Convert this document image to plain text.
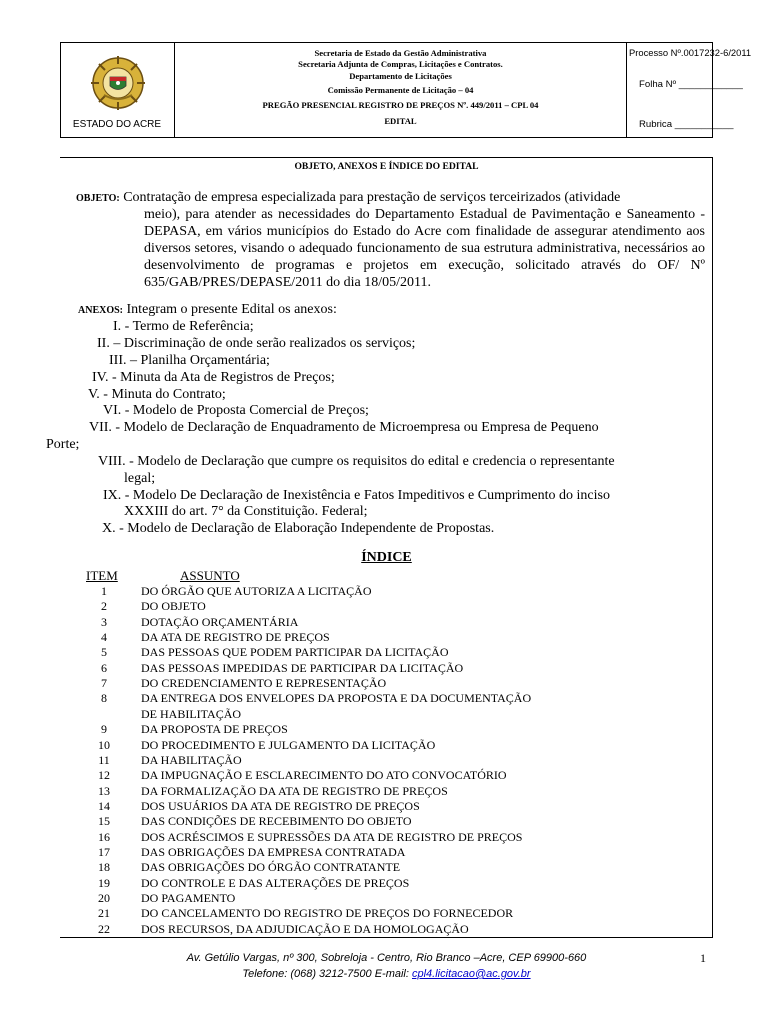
ESTADO DO ACRE
Secretaria de Estado da Gestão Administrativa
Secretaria Adjunta de Compras, Licitações e Contratos.
Departamento de Licitações
Comissão Permanente de Licitação – 04
PREGÃO PRESENCIAL REGISTRO DE PREÇOS Nº. 449/2011 – CPL 04
EDITAL
Processo Nº.0017232-6/2011
Folha Nº ____________
Rubrica ___________
OBJETO, ANEXOS E ÍNDICE DO EDITAL
OBJETO: Contratação de empresa especializada para prestação de serviços terceirizados (atividade
meio), para atender as necessidades do Departamento Estadual de Pavimentação e Saneamento - DEPASA, em vários municípios do Estado do Acre com finalidade de assegurar atendimento aos diversos setores, visando o adequado funcionamento de sua estrutura administrativa, necessários ao desenvolvimento de programas e projetos em execução, solicitado através do OF/ Nº 635/GAB/PRES/DEPASE/2011 do dia 18/05/2011.
ANEXOS: Integram o presente Edital os anexos:
I. - Termo de Referência;
II. – Discriminação de onde serão realizados os serviços;
III. – Planilha Orçamentária;
IV. - Minuta da Ata de Registros de Preços;
V. - Minuta do Contrato;
VI. - Modelo de Proposta Comercial de Preços;
VII. - Modelo de Declaração de Enquadramento de Microempresa ou Empresa de Pequeno
Porte;
VIII. - Modelo de Declaração que cumpre os requisitos do edital e credencia o representante
legal;
IX. - Modelo De Declaração de Inexistência e Fatos Impeditivos e Cumprimento do inciso
XXXIII do art. 7° da Constituição. Federal;
X. - Modelo de Declaração de Elaboração Independente de Propostas.
ÍNDICE
ITEM	ASSUNTO
1	DO ÓRGÃO QUE AUTORIZA A LICITAÇÃO
2	DO OBJETO
3	DOTAÇÃO ORÇAMENTÁRIA
4	DA ATA DE REGISTRO DE PREÇOS
5	DAS PESSOAS QUE PODEM PARTICIPAR DA LICITAÇÃO
6	DAS PESSOAS IMPEDIDAS DE PARTICIPAR DA LICITAÇÃO
7	DO CREDENCIAMENTO E REPRESENTAÇÃO
8	DA ENTREGA DOS ENVELOPES DA PROPOSTA E DA DOCUMENTAÇÃO
DE HABILITAÇÃO
9	DA PROPOSTA DE PREÇOS
10	DO PROCEDIMENTO E JULGAMENTO DA LICITAÇÃO
11	DA HABILITAÇÃO
12	DA IMPUGNAÇÃO E ESCLARECIMENTO DO ATO CONVOCATÓRIO
13	DA FORMALIZAÇÃO DA ATA DE REGISTRO DE PREÇOS
14	DOS USUÁRIOS DA ATA DE REGISTRO DE PREÇOS
15	DAS CONDIÇÕES DE RECEBIMENTO DO OBJETO
16	DOS ACRÉSCIMOS E SUPRESSÕES DA ATA DE REGISTRO DE PREÇOS
17	DAS OBRIGAÇÕES DA EMPRESA CONTRATADA
18	DAS OBRIGAÇÕES DO ÓRGÃO CONTRATANTE
19	DO CONTROLE E DAS ALTERAÇÕES DE PREÇOS
20	DO PAGAMENTO
21	DO CANCELAMENTO DO REGISTRO DE PREÇOS DO FORNECEDOR
22	DOS RECURSOS, DA ADJUDICAÇÃO E DA HOMOLOGAÇÃO
Av. Getúlio Vargas, nº 300, Sobreloja - Centro, Rio Branco –Acre, CEP 69900-660
Telefone: (068) 3212-7500 E-mail: cpl4.licitacao@ac.gov.br
1
